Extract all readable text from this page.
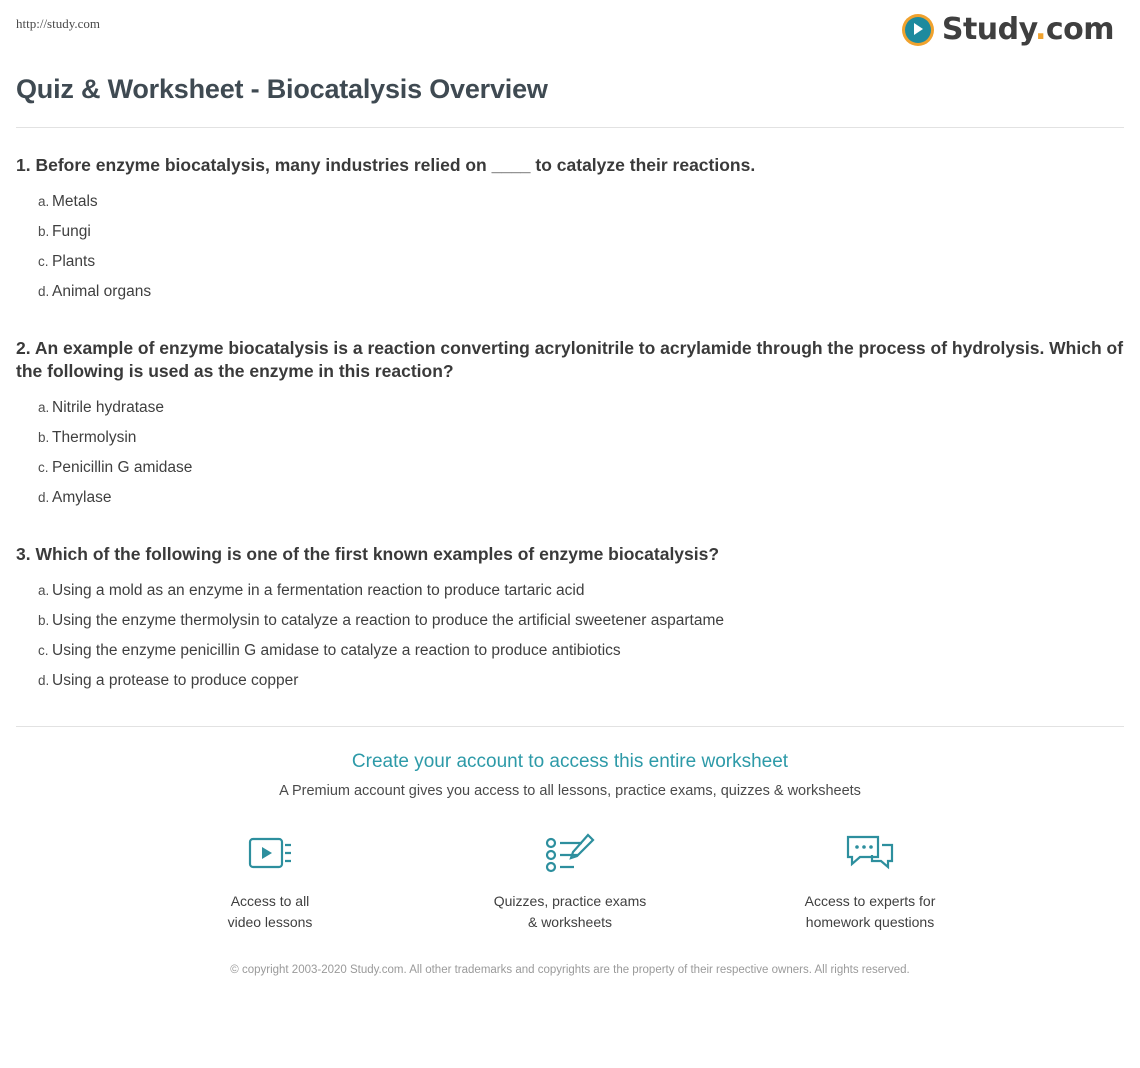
http://study.com	Study.com
Quiz & Worksheet - Biocatalysis Overview

1. Before enzyme biocatalysis, many industries relied on ____ to catalyze their reactions.

a. Metals
b. Fungi
c. Plants
d. Animal organs

2. An example of enzyme biocatalysis is a reaction converting acrylonitrile to acrylamide through the process of hydrolysis. Which of the following is used as the enzyme in this reaction?

a. Nitrile hydratase
b. Thermolysin
c. Penicillin G amidase
d. Amylase

3. Which of the following is one of the first known examples of enzyme biocatalysis?

a. Using a mold as an enzyme in a fermentation reaction to produce tartaric acid
b. Using the enzyme thermolysin to catalyze a reaction to produce the artificial sweetener aspartame
c. Using the enzyme penicillin G amidase to catalyze a reaction to produce antibiotics
d. Using a protease to produce copper
Create your account to access this entire worksheet
A Premium account gives you access to all lessons, practice exams, quizzes & worksheets
Access to all
video lessons
Quizzes, practice exams
& worksheets
Access to experts for
homework questions
© copyright 2003-2020 Study.com. All other trademarks and copyrights are the property of their respective owners. All rights reserved.
